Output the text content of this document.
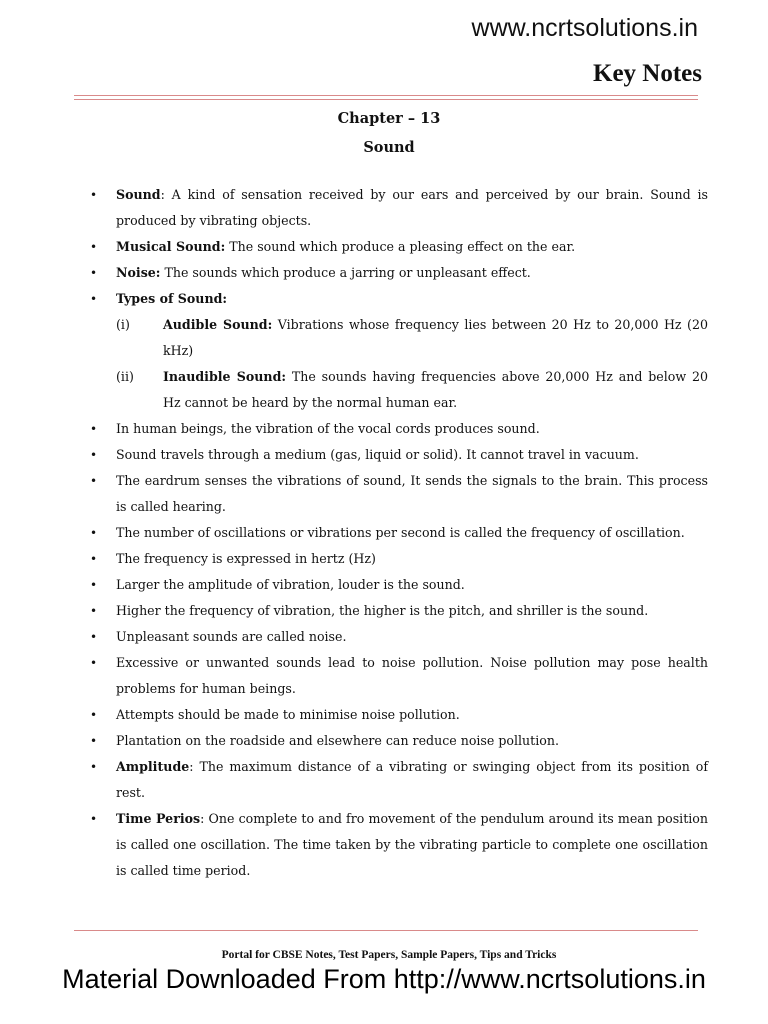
www.ncrtsolutions.in
Key Notes
Chapter – 13
Sound
• Sound: A kind of sensation received by our ears and perceived by our brain. Sound is produced by vibrating objects.
• Musical Sound: The sound which produce a pleasing effect on the ear.
• Noise: The sounds which produce a jarring or unpleasant effect.
• Types of Sound:
(i)	Audible Sound: Vibrations whose frequency lies between 20 Hz to 20,000 Hz (20 kHz)
(ii) Inaudible Sound: The sounds having frequencies above 20,000 Hz and below 20 Hz cannot be heard by the normal human ear.
• In human beings, the vibration of the vocal cords produces sound.
• Sound travels through a medium (gas, liquid or solid). It cannot travel in vacuum.
• The eardrum senses the vibrations of sound, It sends the signals to the brain. This process is called hearing.
• The number of oscillations or vibrations per second is called the frequency of oscillation.
• The frequency is expressed in hertz (Hz)
• Larger the amplitude of vibration, louder is the sound.
• Higher the frequency of vibration, the higher is the pitch, and shriller is the sound.
• Unpleasant sounds are called noise.
• Excessive or unwanted sounds lead to noise pollution. Noise pollution may pose health problems for human beings.
• Attempts should be made to minimise noise pollution.
• Plantation on the roadside and elsewhere can reduce noise pollution.
• Amplitude: The maximum distance of a vibrating or swinging object from its position of rest.
• Time Perios: One complete to and fro movement of the pendulum around its mean position is called one oscillation. The time taken by the vibrating particle to complete one oscillation is called time period.
Portal for CBSE Notes, Test Papers, Sample Papers, Tips and Tricks
Material Downloaded From http://www.ncrtsolutions.in
